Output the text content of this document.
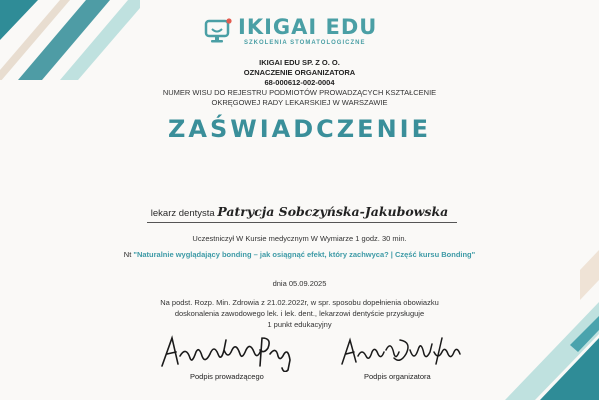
IKIGAI EDU
SZKOLENIA STOMATOLOGICZNE
IKIGAI EDU SP. Z O. O.
OZNACZENIE ORGANIZATORA
68-000612-002-0004
NUMER WISU DO REJESTRU PODMIOTÓW PROWADZĄCYCH KSZTAŁCENIE
OKRĘGOWEJ RADY LEKARSKIEJ W WARSZAWIE
ZAŚWIADCZENIE
lekarz dentysta Patrycja Sobczyńska-Jakubowska
Uczestniczył W Kursie medycznym W Wymiarze 1 godz. 30 min.
Nt "Naturalnie wyglądający bonding – jak osiągnąć efekt, który zachwyca? | Część kursu Bonding"
dnia 05.09.2025
Na podst. Rozp. Min. Zdrowia z 21.02.2022r, w spr. sposobu dopełnienia obowiazku
doskonalenia zawodowego lek. i lek. dent., lekarzowi dentyście przysługuje
1 punkt edukacyjny
Podpis prowadzącego	Podpis organizatora
